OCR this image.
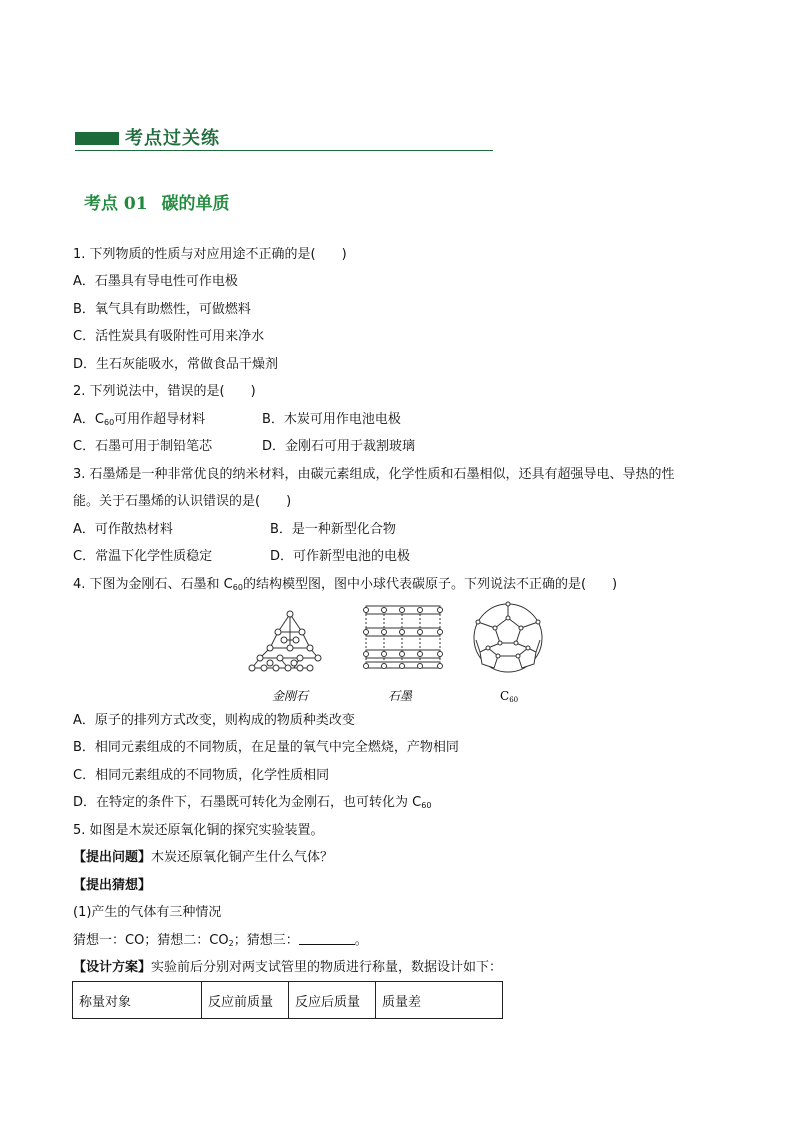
考点过关练
考点 01 碳的单质
1. 下列物质的性质与对应用途不正确的是(　　)
A．石墨具有导电性可作电极
B．氧气具有助燃性，可做燃料
C．活性炭具有吸附性可用来净水
D．生石灰能吸水，常做食品干燥剂
2. 下列说法中，错误的是(　　)
A．$C_{60}$可用作超导材料	B．木炭可用作电池电极
C．石墨可用于制铅笔芯	D．金刚石可用于裁割玻璃
3. 石墨烯是一种非常优良的纳米材料，由碳元素组成，化学性质和石墨相似，还具有超强导电、导热的性
能。关于石墨烯的认识错误的是(　　)
A．可作散热材料	B．是一种新型化合物
C．常温下化学性质稳定	D．可作新型电池的电极
4. 下图为金刚石、石墨和 $C_{60}$的结构模型图，图中小球代表碳原子。下列说法不正确的是(　　)
金刚石	石墨	C60
A．原子的排列方式改变，则构成的物质种类改变
B．相同元素组成的不同物质，在足量的氧气中完全燃烧，产物相同
C．相同元素组成的不同物质，化学性质相同
D．在特定的条件下，石墨既可转化为金刚石，也可转化为 $C_{60}$
5. 如图是木炭还原氧化铜的探究实验装置。
【提出问题】木炭还原氧化铜产生什么气体？
【提出猜想】
(1)产生的气体有三种情况
猜想一：CO；猜想二：$CO_2$；猜想三：	。
【设计方案】实验前后分别对两支试管里的物质进行称量，数据设计如下：
称量对象	反应前质量	反应后质量	质量差
